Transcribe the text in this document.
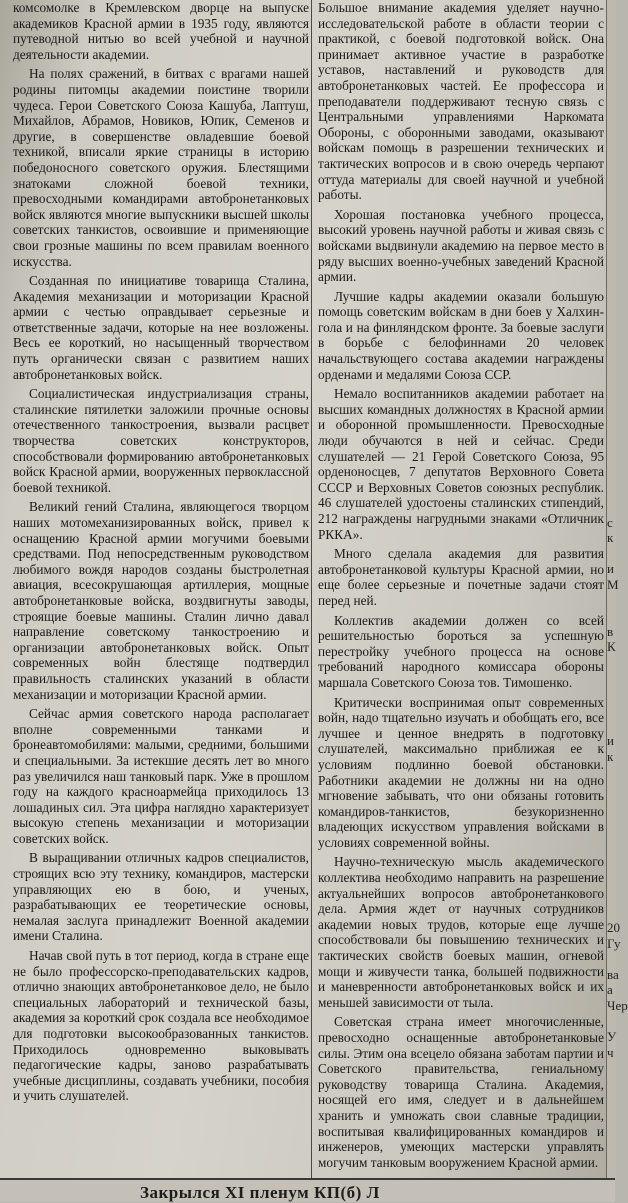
комсомолке в Кремлевском дворце на выпуске академиков Красной армии в 1935 году, являются путеводной нитью во всей учебной и научной деятельности академии.

На полях сражений, в битвах с врагами нашей родины питомцы академии поистине творили чудеса. Герои Советского Союза Кашуба, Лаптуш, Михайлов, Абрамов, Новиков, Юпик, Семенов и другие, в совершенстве овладевшие боевой техникой, вписали яркие страницы в историю победоносного советского оружия. Блестящими знатоками сложной боевой техники, превосходными командирами автобронетанковых войск являются многие выпускники высшей школы советских танкистов, освоившие и применяющие свои грозные машины по всем правилам военного искусства.

Созданная по инициативе товарища Сталина, Академия механизации и моторизации Красной армии с честью оправдывает серьезные и ответственные задачи, которые на нее возложены. Весь ее короткий, но насыщенный творчеством путь органически связан с развитием наших автобронетанковых войск.

Социалистическая индустриализация страны, сталинские пятилетки заложили прочные основы отечественного танкостроения, вызвали расцвет творчества советских конструкторов, способствовали формированию автобронетанковых войск Красной армии, вооруженных первоклассной боевой техникой.

Великий гений Сталина, являющегося творцом наших мотомеханизированных войск, привел к оснащению Красной армии могучими боевыми средствами. Под непосредственным руководством любимого вождя народов созданы быстролетная авиация, всесокрушающая артиллерия, мощные автобронетанковые войска, воздвигнуты заводы, строящие боевые машины. Сталин лично давал направление советскому танкостроению и организации автобронетанковых войск. Опыт современных войн блестяще подтвердил правильность сталинских указаний в области механизации и моторизации Красной армии.

Сейчас армия советского народа располагает вполне современными танками и бронеавтомобилями: малыми, средними, большими и специальными. За истекшие десять лет во много раз увеличился наш танковый парк. Уже в прошлом году на каждого красноармейца приходилось 13 лошадиных сил. Эта цифра наглядно характеризует высокую степень механизации и моторизации советских войск.

В выращивании отличных кадров специалистов, строящих всю эту технику, командиров, мастерски управляющих ею в бою, и ученых, разрабатывающих ее теоретические основы, немалая заслуга принадлежит Военной академии имени Сталина.

Начав свой путь в тот период, когда в стране еще не было профессорско-преподавательских кадров, отлично знающих автобронетанковое дело, не было специальных лабораторий и технической базы, академия за короткий срок создала все необходимое для подготовки высокообразованных танкистов. Приходилось одновременно выковывать педагогические кадры, заново разрабатывать учебные дисциплины, создавать учебники, пособия и учить слушателей.

Большое внимание академия уделяет научно-исследовательской работе в области теории с практикой, с боевой подготовкой войск. Она принимает активное участие в разработке уставов, наставлений и руководств для автобронетанковых частей. Ее профессора и преподаватели поддерживают тесную связь с Центральными управлениями Наркомата Обороны, с оборонными заводами, оказывают войскам помощь в разрешении технических и тактических вопросов и в свою очередь черпают оттуда материалы для своей научной и учебной работы.

Хорошая постановка учебного процесса, высокий уровень научной работы и живая связь с войсками выдвинули академию на первое место в ряду высших военно-учебных заведений Красной армии.

Лучшие кадры академии оказали большую помощь советским войскам в дни боев у Халхин-гола и на финляндском фронте. За боевые заслуги в борьбе с белофиннами 20 человек начальствующего состава академии награждены орденами и медалями Союза ССР.

Немало воспитанников академии работает на высших командных должностях в Красной армии и оборонной промышленности. Превосходные люди обучаются в ней и сейчас. Среди слушателей — 21 Герой Советского Союза, 95 орденоносцев, 7 депутатов Верховного Совета СССР и Верховных Советов союзных республик. 46 слушателей удостоены сталинских стипендий, 212 награждены нагрудными знаками «Отличник РККА».

Много сделала академия для развития автобронетанковой культуры Красной армии, но еще более серьезные и почетные задачи стоят перед ней.

Коллектив академии должен со всей решительностью бороться за успешную перестройку учебного процесса на основе требований народного комиссара обороны маршала Советского Союза тов. Тимошенко.

Критически воспринимая опыт современных войн, надо тщательно изучать и обобщать его, все лучшее и ценное внедрять в подготовку слушателей, максимально приближая ее к условиям подлинно боевой обстановки. Работники академии не должны ни на одно мгновение забывать, что они обязаны готовить командиров-танкистов, безукоризненно владеющих искусством управления войсками в условиях современной войны.

Научно-техническую мысль академического коллектива необходимо направить на разрешение актуальнейших вопросов автобронетанкового дела. Армия ждет от научных сотрудников академии новых трудов, которые еще лучше способствовали бы повышению технических и тактических свойств боевых машин, огневой мощи и живучести танка, большей подвижности и маневренности автобронетанковых войск и их меньшей зависимости от тыла.

Советская страна имеет многочисленные, превосходно оснащенные автобронетанковые силы. Этим она всецело обязана заботам партии и Советского правительства, гениальному руководству товарища Сталина. Академия, носящей его имя, следует и в дальнейшем хранить и умножать свои славные традиции, воспитывая квалифицированных командиров и инженеров, умеющих мастерски управлять могучим танковым вооружением Красной армии.

с
к

и
М

в
К

и
к

20
Гу

ва
а
Чер

У
ч

Закрылся XI пленум КП(б) Л
